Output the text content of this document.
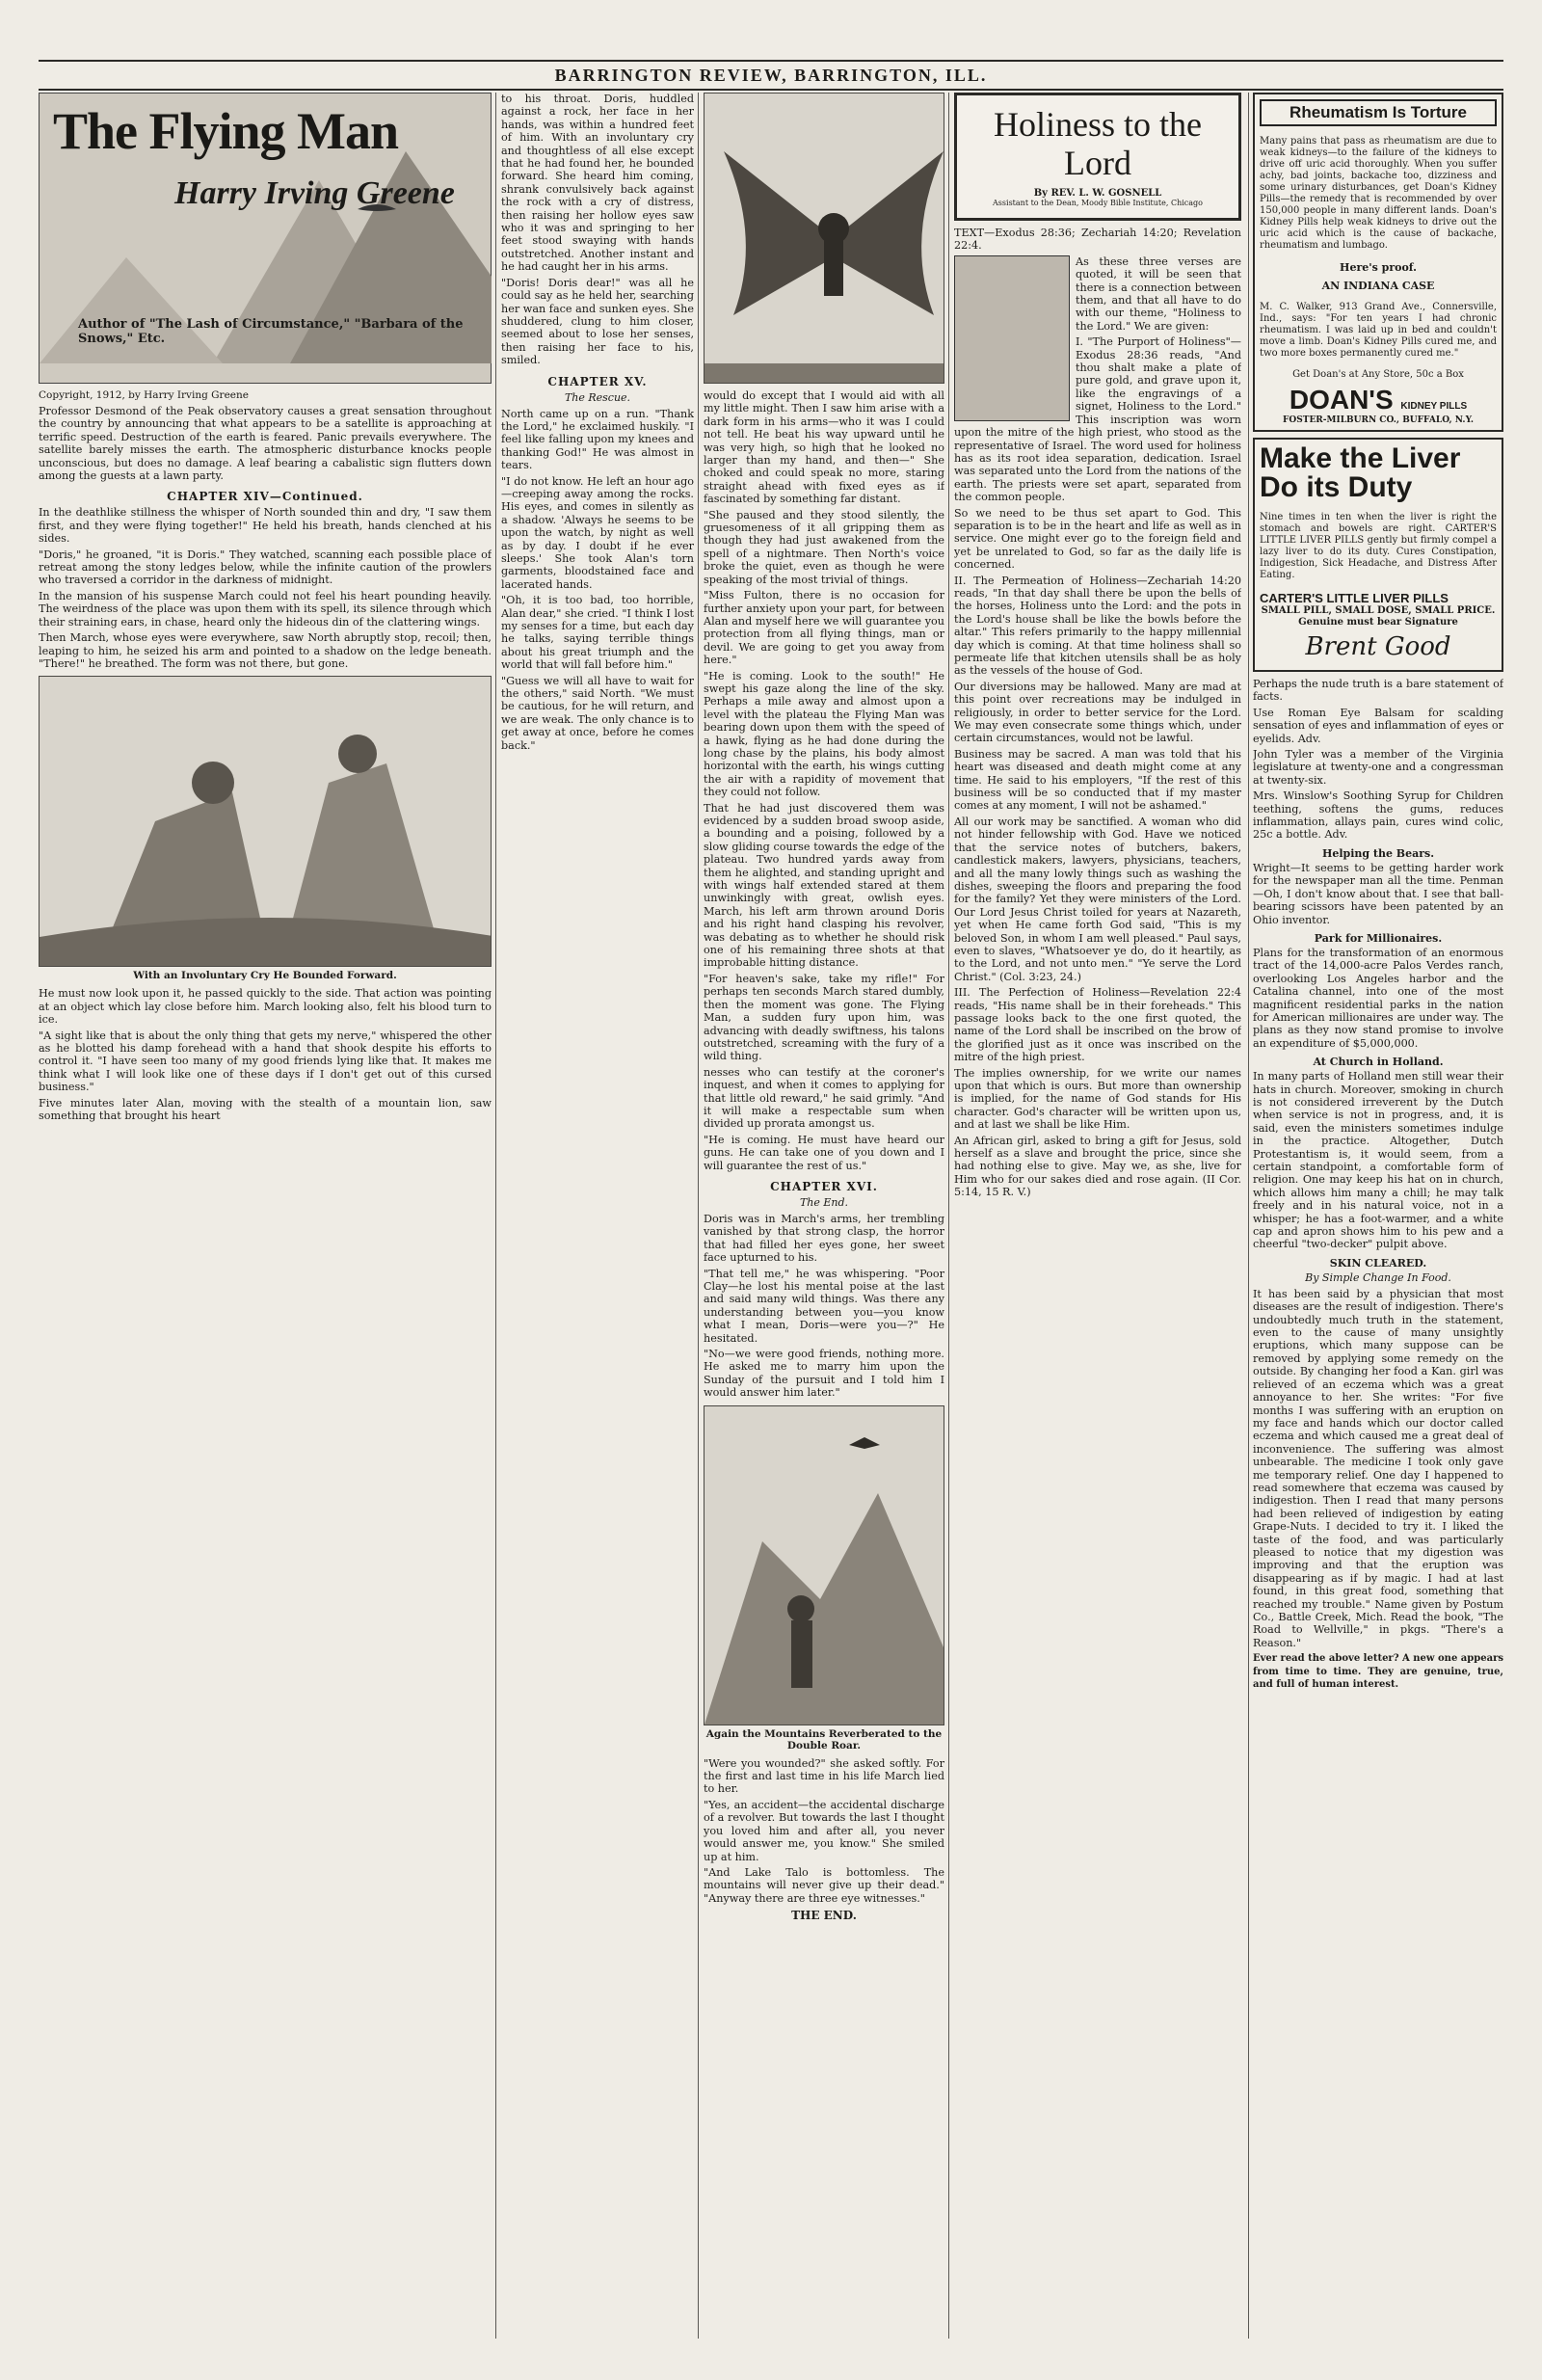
BARRINGTON REVIEW, BARRINGTON, ILL.
The Flying Man
Harry Irving Greene
Author of "The Lash of Circumstance," "Barbara of the Snows," Etc.
Copyright, 1912, by Harry Irving Greene

Professor Desmond of the Peak observatory causes a great sensation throughout the country by announcing that what appears to be a satellite is approaching at terrific speed. Destruction of the earth is feared. Panic prevails everywhere. The satellite barely misses the earth. The atmospheric disturbance knocks people unconscious, but does no damage. A leaf bearing a cabalistic sign flutters down among the guests at a lawn party.

CHAPTER XIV—Continued.

In the deathlike stillness the whisper of North sounded thin and dry, "I saw them first, and they were flying together!" He held his breath, hands clenched at his sides.

"Doris," he groaned, "it is Doris." They watched, scanning each possible place of retreat among the stony ledges below, while the infinite caution of the prowlers who traversed a corridor in the darkness of midnight.

In the mansion of his suspense March could not feel his heart pounding heavily. The weirdness of the place was upon them with its spell, its silence through which their straining ears, in chase, heard only the hideous din of the clattering wings.

Then March, whose eyes were everywhere, saw North abruptly stop, recoil; then, leaping to him, he seized his arm and pointed to a shadow on the ledge beneath. "There!" he breathed. The form was not there, but gone.

With an Involuntary Cry He Bounded Forward.

He must now look upon it, he passed quickly to the side. That action was pointing at an object which lay close before him. March looking also, felt his blood turn to ice.

"A sight like that is about the only thing that gets my nerve," whispered the other as he blotted his damp forehead with a hand that shook despite his efforts to control it. "I have seen too many of my good friends lying like that. It makes me think what I will look like one of these days if I don't get out of this cursed business."

Five minutes later Alan, moving with the stealth of a mountain lion, saw something that brought his heart

to his throat. Doris, huddled against a rock, her face in her hands, was within a hundred feet of him. With an involuntary cry and thoughtless of all else except that he had found her, he bounded forward. She heard him coming, shrank convulsively back against the rock with a cry of distress, then raising her hollow eyes saw who it was and springing to her feet stood swaying with hands outstretched. Another instant and he had caught her in his arms.

"Doris! Doris dear!" was all he could say as he held her, searching her wan face and sunken eyes. She shuddered, clung to him closer, seemed about to lose her senses, then raising her face to his, smiled.

CHAPTER XV.
The Rescue.

North came up on a run. "Thank the Lord," he exclaimed huskily. "I feel like falling upon my knees and thanking God!" He was almost in tears.

"I do not know. He left an hour ago—creeping away among the rocks. His eyes, and comes in silently as a shadow. 'Always he seems to be upon the watch, by night as well as by day. I doubt if he ever sleeps.' She took Alan's torn garments, bloodstained face and lacerated hands.

"Oh, it is too bad, too horrible, Alan dear," she cried. "I think I lost my senses for a time, but each day he talks, saying terrible things about his great triumph and the world that will fall before him."

"Guess we will all have to wait for the others," said North. "We must be cautious, for he will return, and we are weak. The only chance is to get away at once, before he comes back."

would do except that I would aid with all my little might. Then I saw him arise with a dark form in his arms—who it was I could not tell. He beat his way upward until he was very high, so high that he looked no larger than my hand, and then—" She choked and could speak no more, staring straight ahead with fixed eyes as if fascinated by something far distant.

"She paused and they stood silently, the gruesomeness of it all gripping them as though they had just awakened from the spell of a nightmare. Then North's voice broke the quiet, even as though he were speaking of the most trivial of things.

"Miss Fulton, there is no occasion for further anxiety upon your part, for between Alan and myself here we will guarantee you protection from all flying things, man or devil. We are going to get you away from here."

"He is coming. Look to the south!" He swept his gaze along the line of the sky. Perhaps a mile away and almost upon a level with the plateau the Flying Man was bearing down upon them with the speed of a hawk, flying as he had done during the long chase by the plains, his body almost horizontal with the earth, his wings cutting the air with a rapidity of movement that they could not follow.

That he had just discovered them was evidenced by a sudden broad swoop aside, a bounding and a poising, followed by a slow gliding course towards the edge of the plateau. Two hundred yards away from them he alighted, and standing upright and with wings half extended stared at them unwinkingly with great, owlish eyes. March, his left arm thrown around Doris and his right hand clasping his revolver, was debating as to whether he should risk one of his remaining three shots at that improbable hitting distance.

"For heaven's sake, take my rifle!" For perhaps ten seconds March stared dumbly, then the moment was gone. The Flying Man, a sudden fury upon him, was advancing with deadly swiftness, his talons outstretched, screaming with the fury of a wild thing.

nesses who can testify at the coroner's inquest, and when it comes to applying for that little old reward," he said grimly. "And it will make a respectable sum when divided up prorata amongst us.

"He is coming. He must have heard our guns. He can take one of you down and I will guarantee the rest of us."

CHAPTER XVI.
The End.

Doris was in March's arms, her trembling vanished by that strong clasp, the horror that had filled her eyes gone, her sweet face upturned to his.

"That tell me," he was whispering. "Poor Clay—he lost his mental poise at the last and said many wild things. Was there any understanding between you—you know what I mean, Doris—were you—?" He hesitated.

"No—we were good friends, nothing more. He asked me to marry him upon the Sunday of the pursuit and I told him I would answer him later."

Again the Mountains Reverberated to the Double Roar.

"Were you wounded?" she asked softly. For the first and last time in his life March lied to her.

"Yes, an accident—the accidental discharge of a revolver. But towards the last I thought you loved him and after all, you never would answer me, you know." She smiled up at him.

"And Lake Talo is bottomless. The mountains will never give up their dead." "Anyway there are three eye witnesses."

THE END.
Rheumatism Is Torture

Many pains that pass as rheumatism are due to weak kidneys—to the failure of the kidneys to drive off uric acid thoroughly. When you suffer achy, bad joints, backache too, dizziness and some urinary disturbances, get Doan's Kidney Pills—the remedy that is recommended by over 150,000 people in many different lands. Doan's Kidney Pills help weak kidneys to drive out the uric acid which is the cause of backache, rheumatism and lumbago.

Here's proof.
AN INDIANA CASE

M. C. Walker, 913 Grand Ave., Connersville, Ind., says: "For ten years I had chronic rheumatism. I was laid up in bed and couldn't move a limb. Doan's Kidney Pills cured me, and two more boxes permanently cured me."

Get Doan's at Any Store, 50c a Box
DOAN'S KIDNEY PILLS
FOSTER-MILBURN CO., BUFFALO, N.Y.
Make the Liver Do its Duty

Nine times in ten when the liver is right the stomach and bowels are right. CARTER'S LITTLE LIVER PILLS gently but firmly compel a lazy liver to do its duty. Cures Constipation, Indigestion, Sick Headache, and Distress After Eating.

CARTER'S LITTLE LIVER PILLS
SMALL PILL, SMALL DOSE, SMALL PRICE.
Genuine must bear Signature
Brent Good

Perhaps the nude truth is a bare statement of facts.

Use Roman Eye Balsam for scalding sensation of eyes and inflammation of eyes or eyelids. Adv.

John Tyler was a member of the Virginia legislature at twenty-one and a congressman at twenty-six.

Mrs. Winslow's Soothing Syrup for Children teething, softens the gums, reduces inflammation, allays pain, cures wind colic, 25c a bottle. Adv.

Helping the Bears.

Wright—It seems to be getting harder work for the newspaper man all the time. Penman—Oh, I don't know about that. I see that ball-bearing scissors have been patented by an Ohio inventor.

Park for Millionaires.

Plans for the transformation of an enormous tract of the 14,000-acre Palos Verdes ranch, overlooking Los Angeles harbor and the Catalina channel, into one of the most magnificent residential parks in the nation for American millionaires are under way. The plans as they now stand promise to involve an expenditure of $5,000,000.

At Church in Holland.

In many parts of Holland men still wear their hats in church. Moreover, smoking in church is not considered irreverent by the Dutch when service is not in progress, and, it is said, even the ministers sometimes indulge in the practice. Altogether, Dutch Protestantism is, it would seem, from a certain standpoint, a comfortable form of religion. One may keep his hat on in church, which allows him many a chill; he may talk freely and in his natural voice, not in a whisper; he has a foot-warmer, and a white cap and apron shows him to his pew and a cheerful "two-decker" pulpit above.

SKIN CLEARED.
By Simple Change In Food.

It has been said by a physician that most diseases are the result of indigestion. There's undoubtedly much truth in the statement, even to the cause of many unsightly eruptions, which many suppose can be removed by applying some remedy on the outside. By changing her food a Kan. girl was relieved of an eczema which was a great annoyance to her. She writes: "For five months I was suffering with an eruption on my face and hands which our doctor called eczema and which caused me a great deal of inconvenience. The suffering was almost unbearable. The medicine I took only gave me temporary relief. One day I happened to read somewhere that eczema was caused by indigestion. Then I read that many persons had been relieved of indigestion by eating Grape-Nuts. I decided to try it. I liked the taste of the food, and was particularly pleased to notice that my digestion was improving and that the eruption was disappearing as if by magic. I had at last found, in this great food, something that reached my trouble." Name given by Postum Co., Battle Creek, Mich. Read the book, "The Road to Wellville," in pkgs. "There's a Reason."

Ever read the above letter? A new one appears from time to time. They are genuine, true, and full of human interest.

Holiness to the Lord
By REV. L. W. GOSNELL
Assistant to the Dean, Moody Bible Institute, Chicago

TEXT—Exodus 28:36; Zechariah 14:20; Revelation 22:4.

As these three verses are quoted, it will be seen that there is a connection between them, and that all have to do with our theme, "Holiness to the Lord." We are given:

I. "The Purport of Holiness"—Exodus 28:36 reads, "And thou shalt make a plate of pure gold, and grave upon it, like the engravings of a signet, Holiness to the Lord." This inscription was worn upon the mitre of the high priest, who stood as the representative of Israel. The word used for holiness has as its root idea separation, dedication. Israel was separated unto the Lord from the nations of the earth. The priests were set apart, separated from the common people.

So we need to be thus set apart to God. This separation is to be in the heart and life as well as in service. One might ever go to the foreign field and yet be unrelated to God, so far as the daily life is concerned.

II. The Permeation of Holiness—Zechariah 14:20 reads, "In that day shall there be upon the bells of the horses, Holiness unto the Lord: and the pots in the Lord's house shall be like the bowls before the altar." This refers primarily to the happy millennial day which is coming. At that time holiness shall so permeate life that kitchen utensils shall be as holy as the vessels of the house of God.

Our diversions may be hallowed. Many are mad at this point over recreations may be indulged in religiously, in order to better service for the Lord. We may even consecrate some things which, under certain circumstances, would not be lawful.

Business may be sacred. A man was told that his heart was diseased and death might come at any time. He said to his employers, "If the rest of this business will be so conducted that if my master comes at any moment, I will not be ashamed."

All our work may be sanctified. A woman who did not hinder fellowship with God. Have we noticed that the service notes of butchers, bakers, candlestick makers, lawyers, physicians, teachers, and all the many lowly things such as washing the dishes, sweeping the floors and preparing the food for the family? Yet they were ministers of the Lord. Our Lord Jesus Christ toiled for years at Nazareth, yet when He came forth God said, "This is my beloved Son, in whom I am well pleased." Paul says, even to slaves, "Whatsoever ye do, do it heartily, as to the Lord, and not unto men." "Ye serve the Lord Christ." (Col. 3:23, 24.)

III. The Perfection of Holiness—Revelation 22:4 reads, "His name shall be in their foreheads." This passage looks back to the one first quoted, the name of the Lord shall be inscribed on the brow of the glorified just as it once was inscribed on the mitre of the high priest.

The implies ownership, for we write our names upon that which is ours. But more than ownership is implied, for the name of God stands for His character. God's character will be written upon us, and at last we shall be like Him.

An African girl, asked to bring a gift for Jesus, sold herself as a slave and brought the price, since she had nothing else to give. May we, as she, live for Him who for our sakes died and rose again. (II Cor. 5:14, 15 R. V.)
